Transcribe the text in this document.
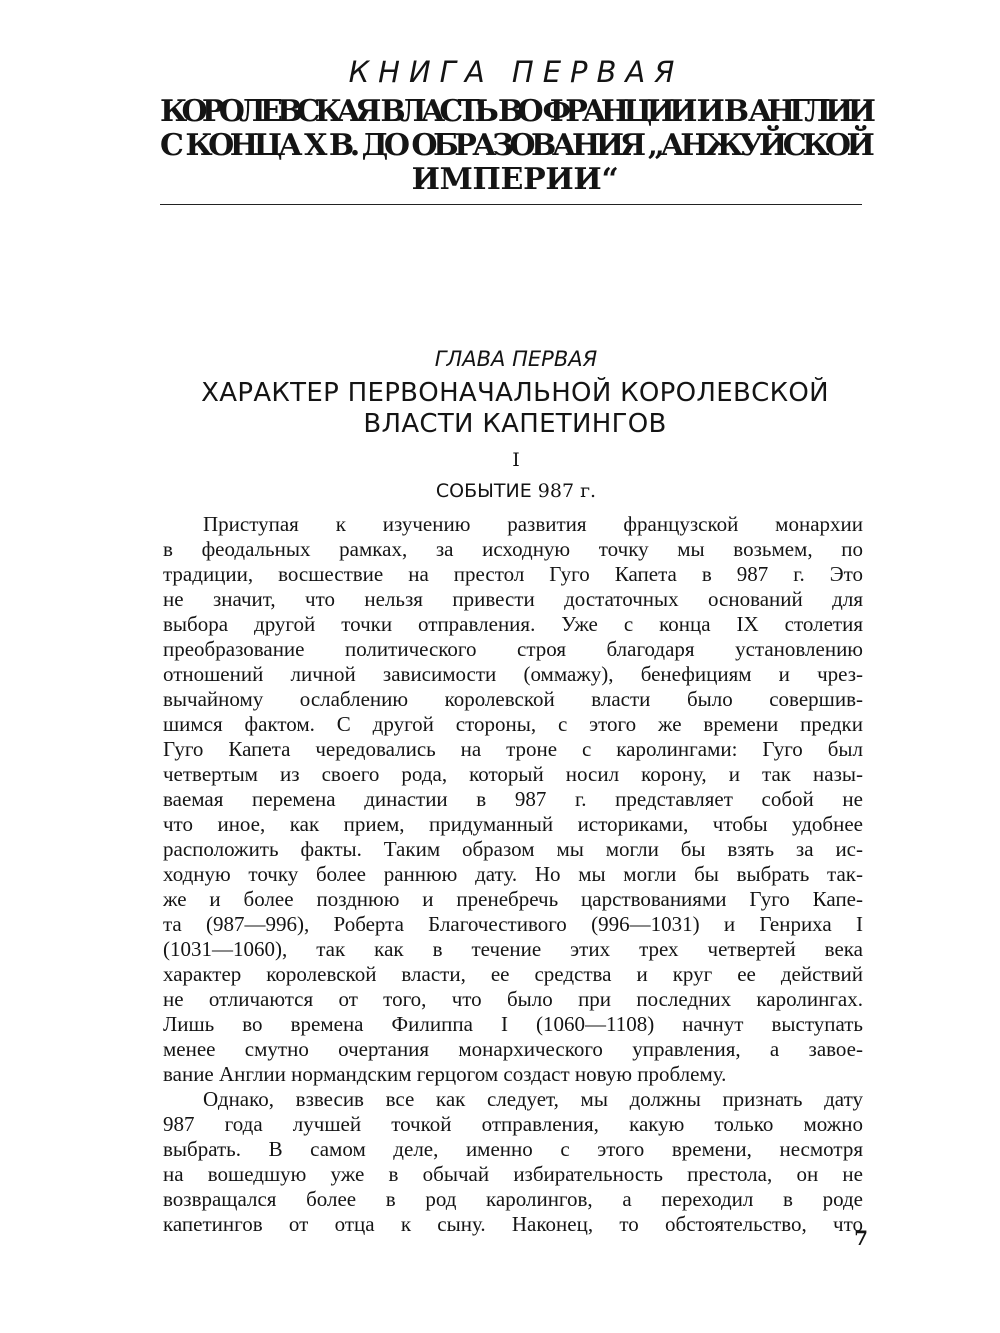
КНИГА ПЕРВАЯ
КОРОЛЕВСКАЯ ВЛАСТЬ ВО ФРАНЦИИ И В АНГЛИИ
С КОНЦА X В. ДО ОБРАЗОВАНИЯ „АНЖУЙСКОЙ
ИМПЕРИИ“
ГЛАВА ПЕРВАЯ
ХАРАКТЕР ПЕРВОНАЧАЛЬНОЙ КОРОЛЕВСКОЙ
ВЛАСТИ КАПЕТИНГОВ
I
СОБЫТИЕ 987 г.
Приступая к изучению развития французской монархии
в феодальных рамках, за исходную точку мы возьмем, по
традиции, восшествие на престол Гуго Капета в 987 г. Это
не значит, что нельзя привести достаточных оснований для
выбора другой точки отправления. Уже с конца IX столетия
преобразование политического строя благодаря установлению
отношений личной зависимости (оммажу), бенефициям и чрез-
вычайному ослаблению королевской власти было совершив-
шимся фактом. С другой стороны, с этого же времени предки
Гуго Капета чередовались на троне с каролингами: Гуго был
четвертым из своего рода, который носил корону, и так назы-
ваемая перемена династии в 987 г. представляет собой не
что иное, как прием, придуманный историками, чтобы удобнее
расположить факты. Таким образом мы могли бы взять за ис-
ходную точку более раннюю дату. Но мы могли бы выбрать так-
же и более позднюю и пренебречь царствованиями Гуго Капе-
та (987—996), Роберта Благочестивого (996—1031) и Генриха I
(1031—1060), так как в течение этих трех четвертей века
характер королевской власти, ее средства и круг ее действий
не отличаются от того, что было при последних каролингах.
Лишь во времена Филиппа I (1060—1108) начнут выступать
менее смутно очертания монархического управления, а завое-
вание Англии нормандским герцогом создаст новую проблему.
Однако, взвесив все как следует, мы должны признать дату
987 года лучшей точкой отправления, какую только можно
выбрать. В самом деле, именно с этого времени, несмотря
на вошедшую уже в обычай избирательность престола, он не
возвращался более в род каролингов, а переходил в роде
капетингов от отца к сыну. Наконец, то обстоятельство, что
7
